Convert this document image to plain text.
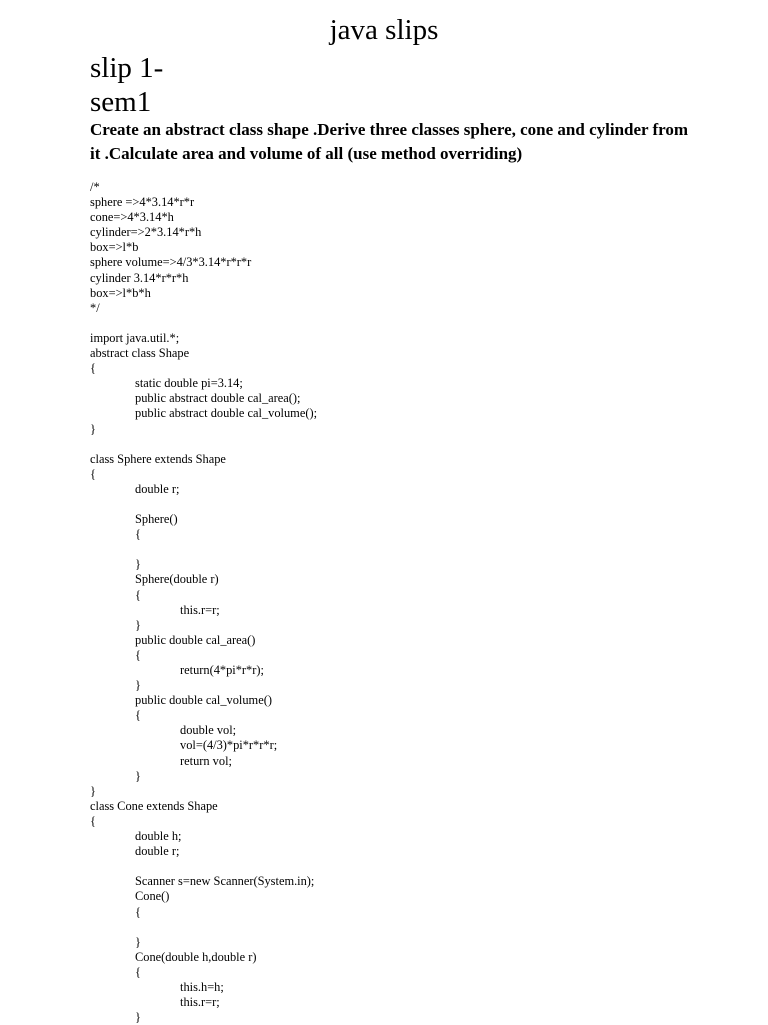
java slips
slip 1-
sem1

Create an abstract class shape .Derive three classes sphere, cone and cylinder from it .Calculate area and volume of all (use method overriding)

/*
sphere =>4*3.14*r*r
cone=>4*3.14*h
cylinder=>2*3.14*r*h
box=>l*b
sphere volume=>4/3*3.14*r*r*r
cylinder 3.14*r*r*h
box=>l*b*h
*/
import java.util.*;
abstract class Shape
{
static double pi=3.14;
public abstract double cal_area();
public abstract double cal_volume();
}
class Sphere extends Shape
{
double r;
Sphere()
{
}
Sphere(double r)
{
this.r=r;
}
public double cal_area()
{
return(4*pi*r*r);
}
public double cal_volume()
{
double vol;
vol=(4/3)*pi*r*r*r;
return vol;
}
}
class Cone extends Shape
{
double h;
double r;
Scanner s=new Scanner(System.in);
Cone()
{
}
Cone(double h,double r)
{
this.h=h;
this.r=r;
}
